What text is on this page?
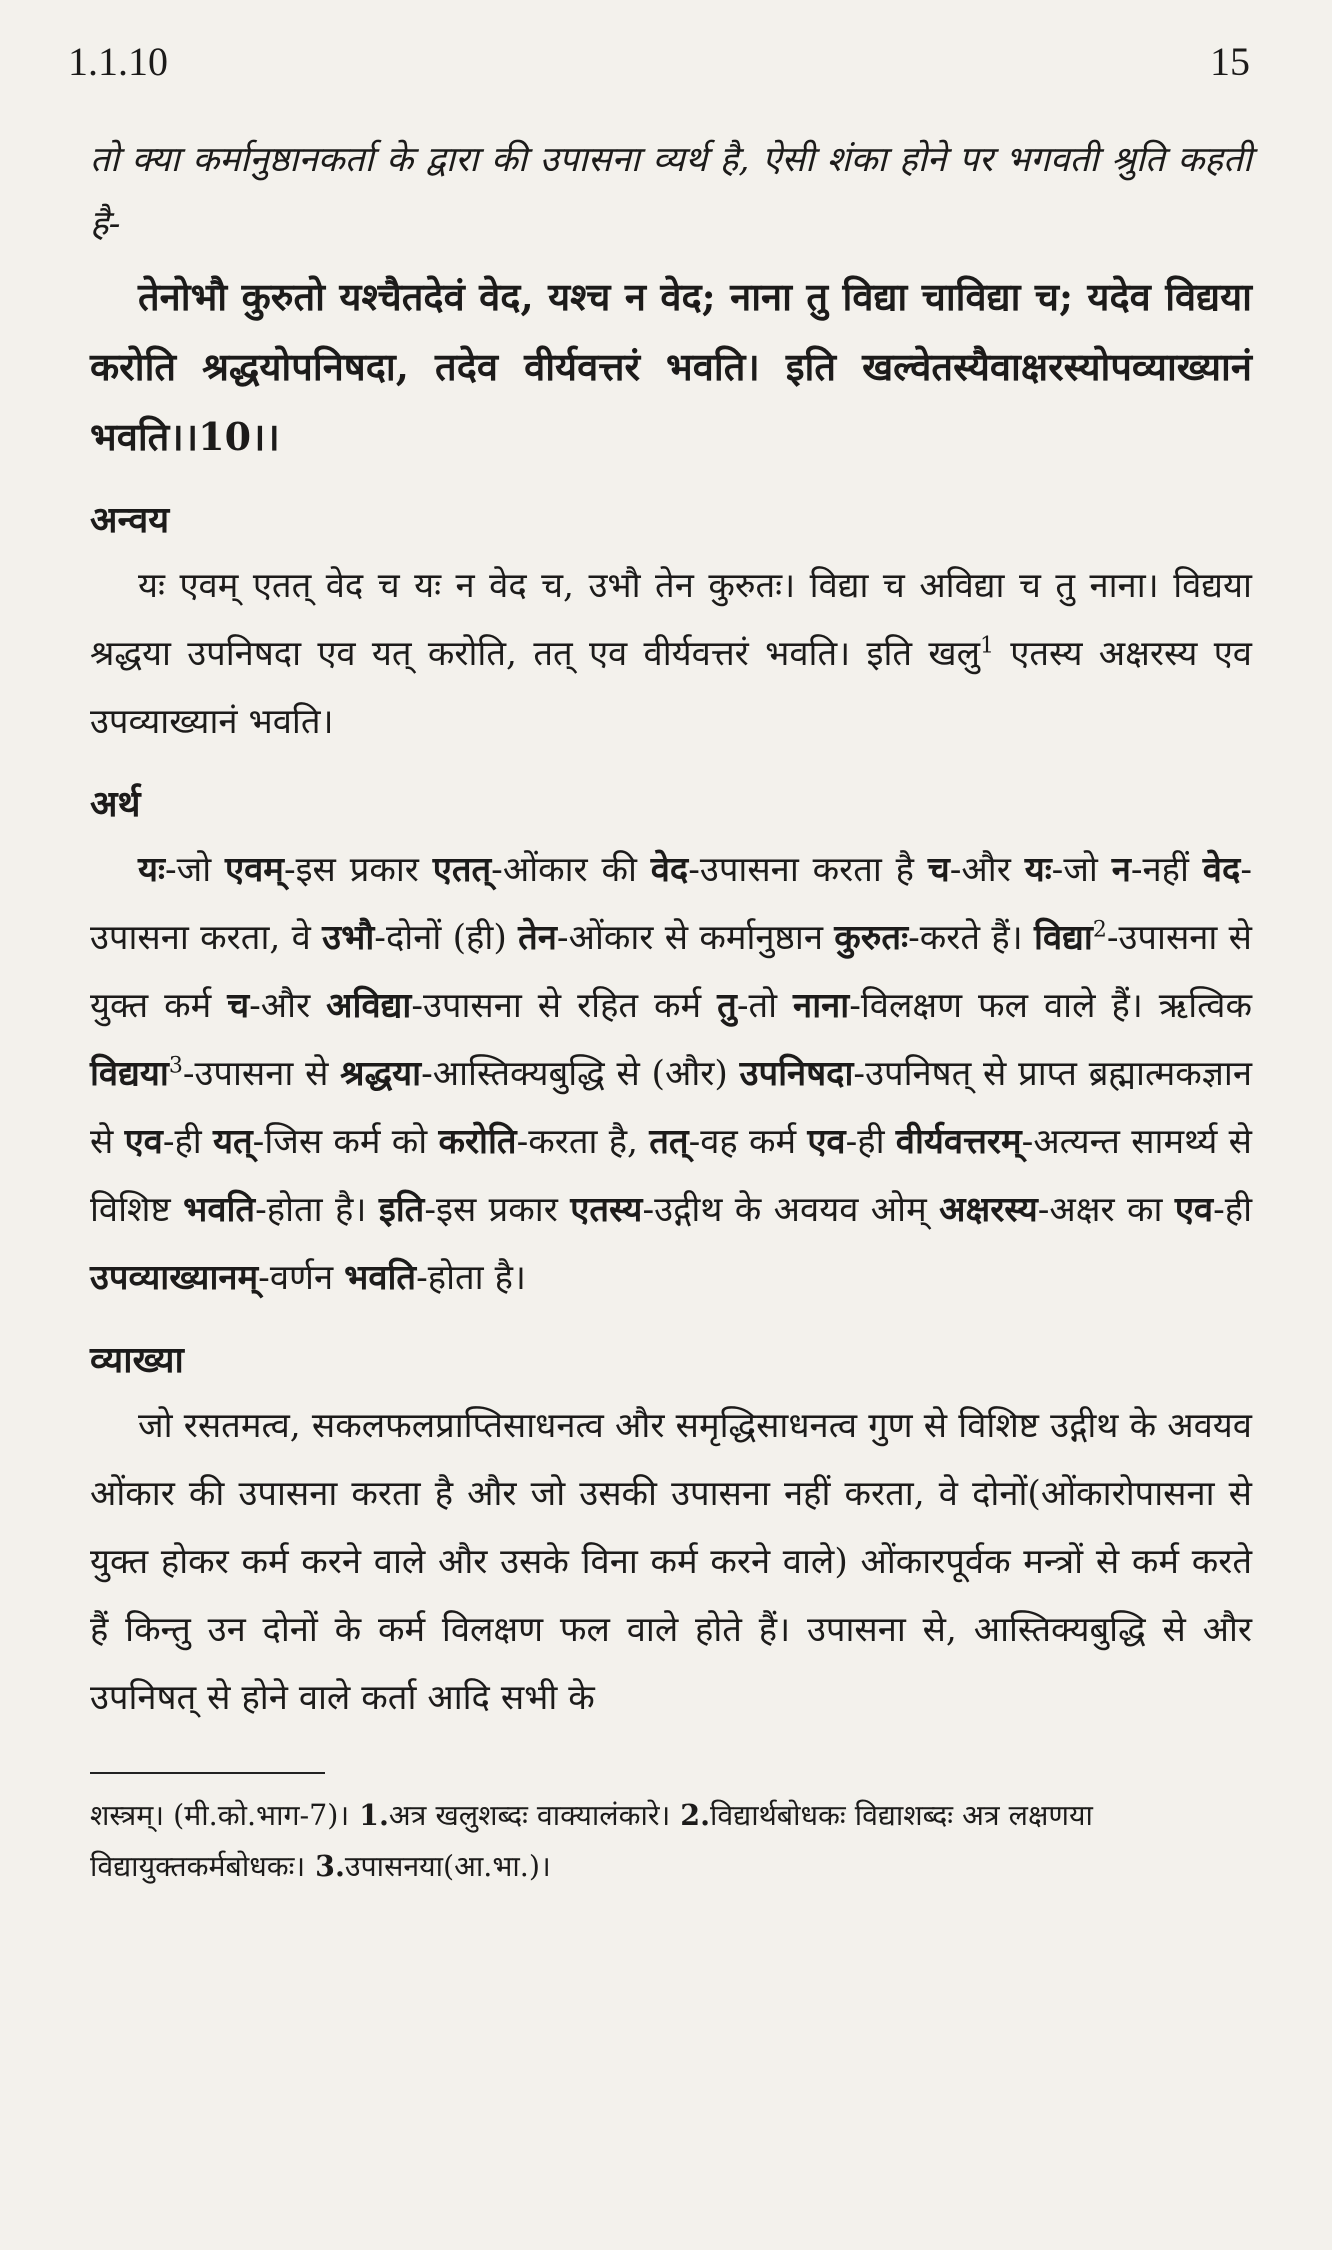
1.1.10	15

तो क्या कर्मानुष्ठानकर्ता के द्वारा की उपासना व्यर्थ है, ऐसी शंका होने पर भगवती श्रुति कहती है-

तेनोभौ कुरुतो यश्चैतदेवं वेद, यश्च न वेद; नाना तु विद्या चाविद्या च; यदेव विद्यया करोति श्रद्धयोपनिषदा, तदेव वीर्यवत्तरं भवति। इति खल्वेतस्यैवाक्षरस्योपव्याख्यानं भवति।।10।।

अन्वय

यः एवम् एतत् वेद च यः न वेद च, उभौ तेन कुरुतः। विद्या च अविद्या च तु नाना। विद्यया श्रद्धया उपनिषदा एव यत् करोति, तत् एव वीर्यवत्तरं भवति। इति खलु$^1$ एतस्य अक्षरस्य एव उपव्याख्यानं भवति।

अर्थ

यः-जो एवम्-इस प्रकार एतत्-ओंकार की वेद-उपासना करता है च-और यः-जो न-नहीं वेद-उपासना करता, वे उभौ-दोनों (ही) तेन-ओंकार से कर्मानुष्ठान कुरुतः-करते हैं। विद्या$^2$-उपासना से युक्त कर्म च-और अविद्या-उपासना से रहित कर्म तु-तो नाना-विलक्षण फल वाले हैं। ऋत्विक विद्यया$^3$-उपासना से श्रद्धया-आस्तिक्यबुद्धि से (और) उपनिषदा-उपनिषत् से प्राप्त ब्रह्मात्मकज्ञान से एव-ही यत्-जिस कर्म को करोति-करता है, तत्-वह कर्म एव-ही वीर्यवत्तरम्-अत्यन्त सामर्थ्य से विशिष्ट भवति-होता है। इति-इस प्रकार एतस्य-उद्गीथ के अवयव ओम् अक्षरस्य-अक्षर का एव-ही उपव्याख्यानम्-वर्णन भवति-होता है।

व्याख्या

जो रसतमत्व, सकलफलप्राप्तिसाधनत्व और समृद्धिसाधनत्व गुण से विशिष्ट उद्गीथ के अवयव ओंकार की उपासना करता है और जो उसकी उपासना नहीं करता, वे दोनों(ओंकारोपासना से युक्त होकर कर्म करने वाले और उसके विना कर्म करने वाले) ओंकारपूर्वक मन्त्रों से कर्म करते हैं किन्तु उन दोनों के कर्म विलक्षण फल वाले होते हैं। उपासना से, आस्तिक्यबुद्धि से और उपनिषत् से होने वाले कर्ता आदि सभी के

शस्त्रम्। (मी.को.भाग-7)। 1.अत्र खलुशब्दः वाक्यालंकारे। 2.विद्यार्थबोधकः विद्याशब्दः अत्र लक्षणया विद्यायुक्तकर्मबोधकः। 3.उपासनया(आ.भा.)।
